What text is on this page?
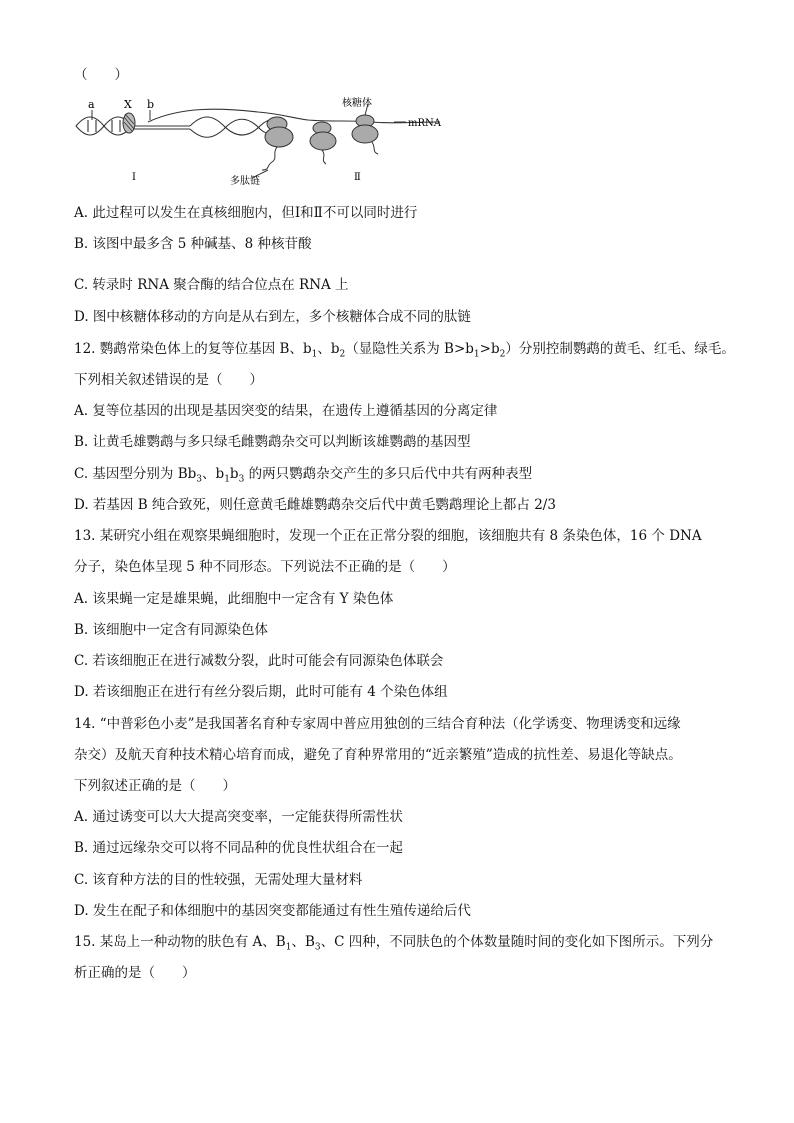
（　　）
a	X b	核糖体
mRNA
多肽链
Ⅰ	Ⅱ
A. 此过程可以发生在真核细胞内，但Ⅰ和Ⅱ不可以同时进行
B. 该图中最多含 5 种碱基、8 种核苷酸
C. 转录时 RNA 聚合酶的结合位点在 RNA 上
D. 图中核糖体移动的方向是从右到左，多个核糖体合成不同的肽链
12. 鹦鹉常染色体上的复等位基因 B、$b_1$、$b_2$（显隐性关系为 $B>b_1>b_2$）分别控制鹦鹉的黄毛、红毛、绿毛。
下列相关叙述错误的是（　　）
A. 复等位基因的出现是基因突变的结果，在遗传上遵循基因的分离定律
B. 让黄毛雄鹦鹉与多只绿毛雌鹦鹉杂交可以判断该雄鹦鹉的基因型
C. 基因型分别为 $Bb_3$、$b_1b_3$ 的两只鹦鹉杂交产生的多只后代中共有两种表型
D. 若基因 B 纯合致死，则任意黄毛雌雄鹦鹉杂交后代中黄毛鹦鹉理论上都占 2/3
13. 某研究小组在观察果蝇细胞时，发现一个正在正常分裂的细胞，该细胞共有 8 条染色体，16 个 DNA
分子，染色体呈现 5 种不同形态。下列说法不正确的是（　　）
A. 该果蝇一定是雄果蝇，此细胞中一定含有 Y 染色体
B. 该细胞中一定含有同源染色体
C. 若该细胞正在进行减数分裂，此时可能会有同源染色体联会
D. 若该细胞正在进行有丝分裂后期，此时可能有 4 个染色体组
14. “中普彩色小麦”是我国著名育种专家周中普应用独创的三结合育种法（化学诱变、物理诱变和远缘
杂交）及航天育种技术精心培育而成，避免了育种界常用的“近亲繁殖”造成的抗性差、易退化等缺点。
下列叙述正确的是（　　）
A. 通过诱变可以大大提高突变率，一定能获得所需性状
B. 通过远缘杂交可以将不同品种的优良性状组合在一起
C. 该育种方法的目的性较强，无需处理大量材料
D. 发生在配子和体细胞中的基因突变都能通过有性生殖传递给后代
15. 某岛上一种动物的肤色有 A、$B_1$、$B_3$、C 四种，不同肤色的个体数量随时间的变化如下图所示。下列分
析正确的是（　　）
